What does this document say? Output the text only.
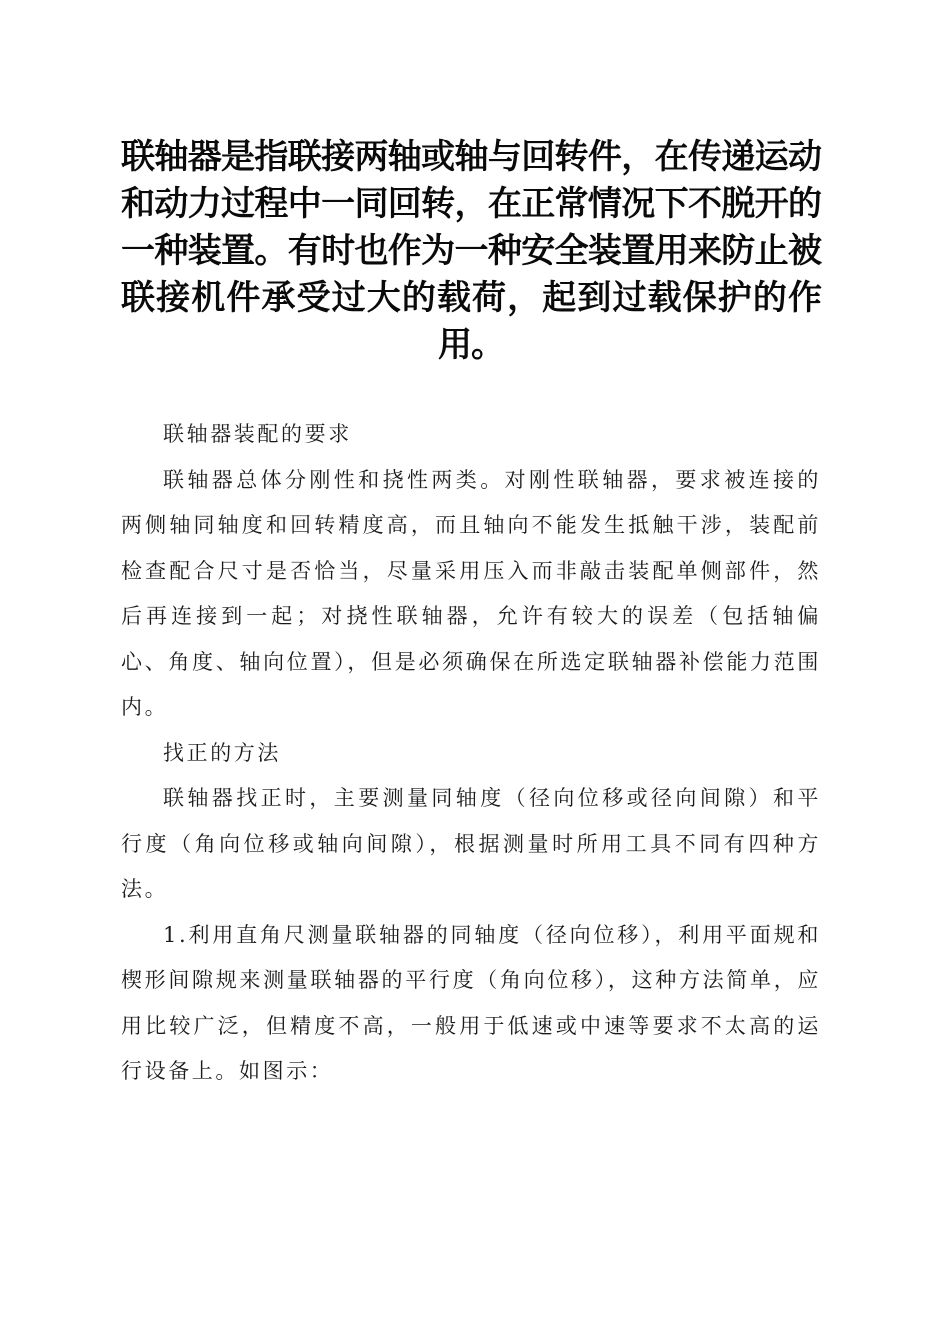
联轴器是指联接两轴或轴与回转件，在传递运动和动力过程中一同回转，在正常情况下不脱开的一种装置。有时也作为一种安全装置用来防止被联接机件承受过大的载荷，起到过载保护的作用。

联轴器装配的要求

联轴器总体分刚性和挠性两类。对刚性联轴器，要求被连接的两侧轴同轴度和回转精度高，而且轴向不能发生抵触干涉，装配前检查配合尺寸是否恰当，尽量采用压入而非敲击装配单侧部件，然后再连接到一起；对挠性联轴器，允许有较大的误差（包括轴偏心、角度、轴向位置），但是必须确保在所选定联轴器补偿能力范围内。

找正的方法

联轴器找正时，主要测量同轴度（径向位移或径向间隙）和平行度（角向位移或轴向间隙），根据测量时所用工具不同有四种方法。

1.利用直角尺测量联轴器的同轴度（径向位移），利用平面规和楔形间隙规来测量联轴器的平行度（角向位移），这种方法简单，应用比较广泛，但精度不高，一般用于低速或中速等要求不太高的运行设备上。如图示：
